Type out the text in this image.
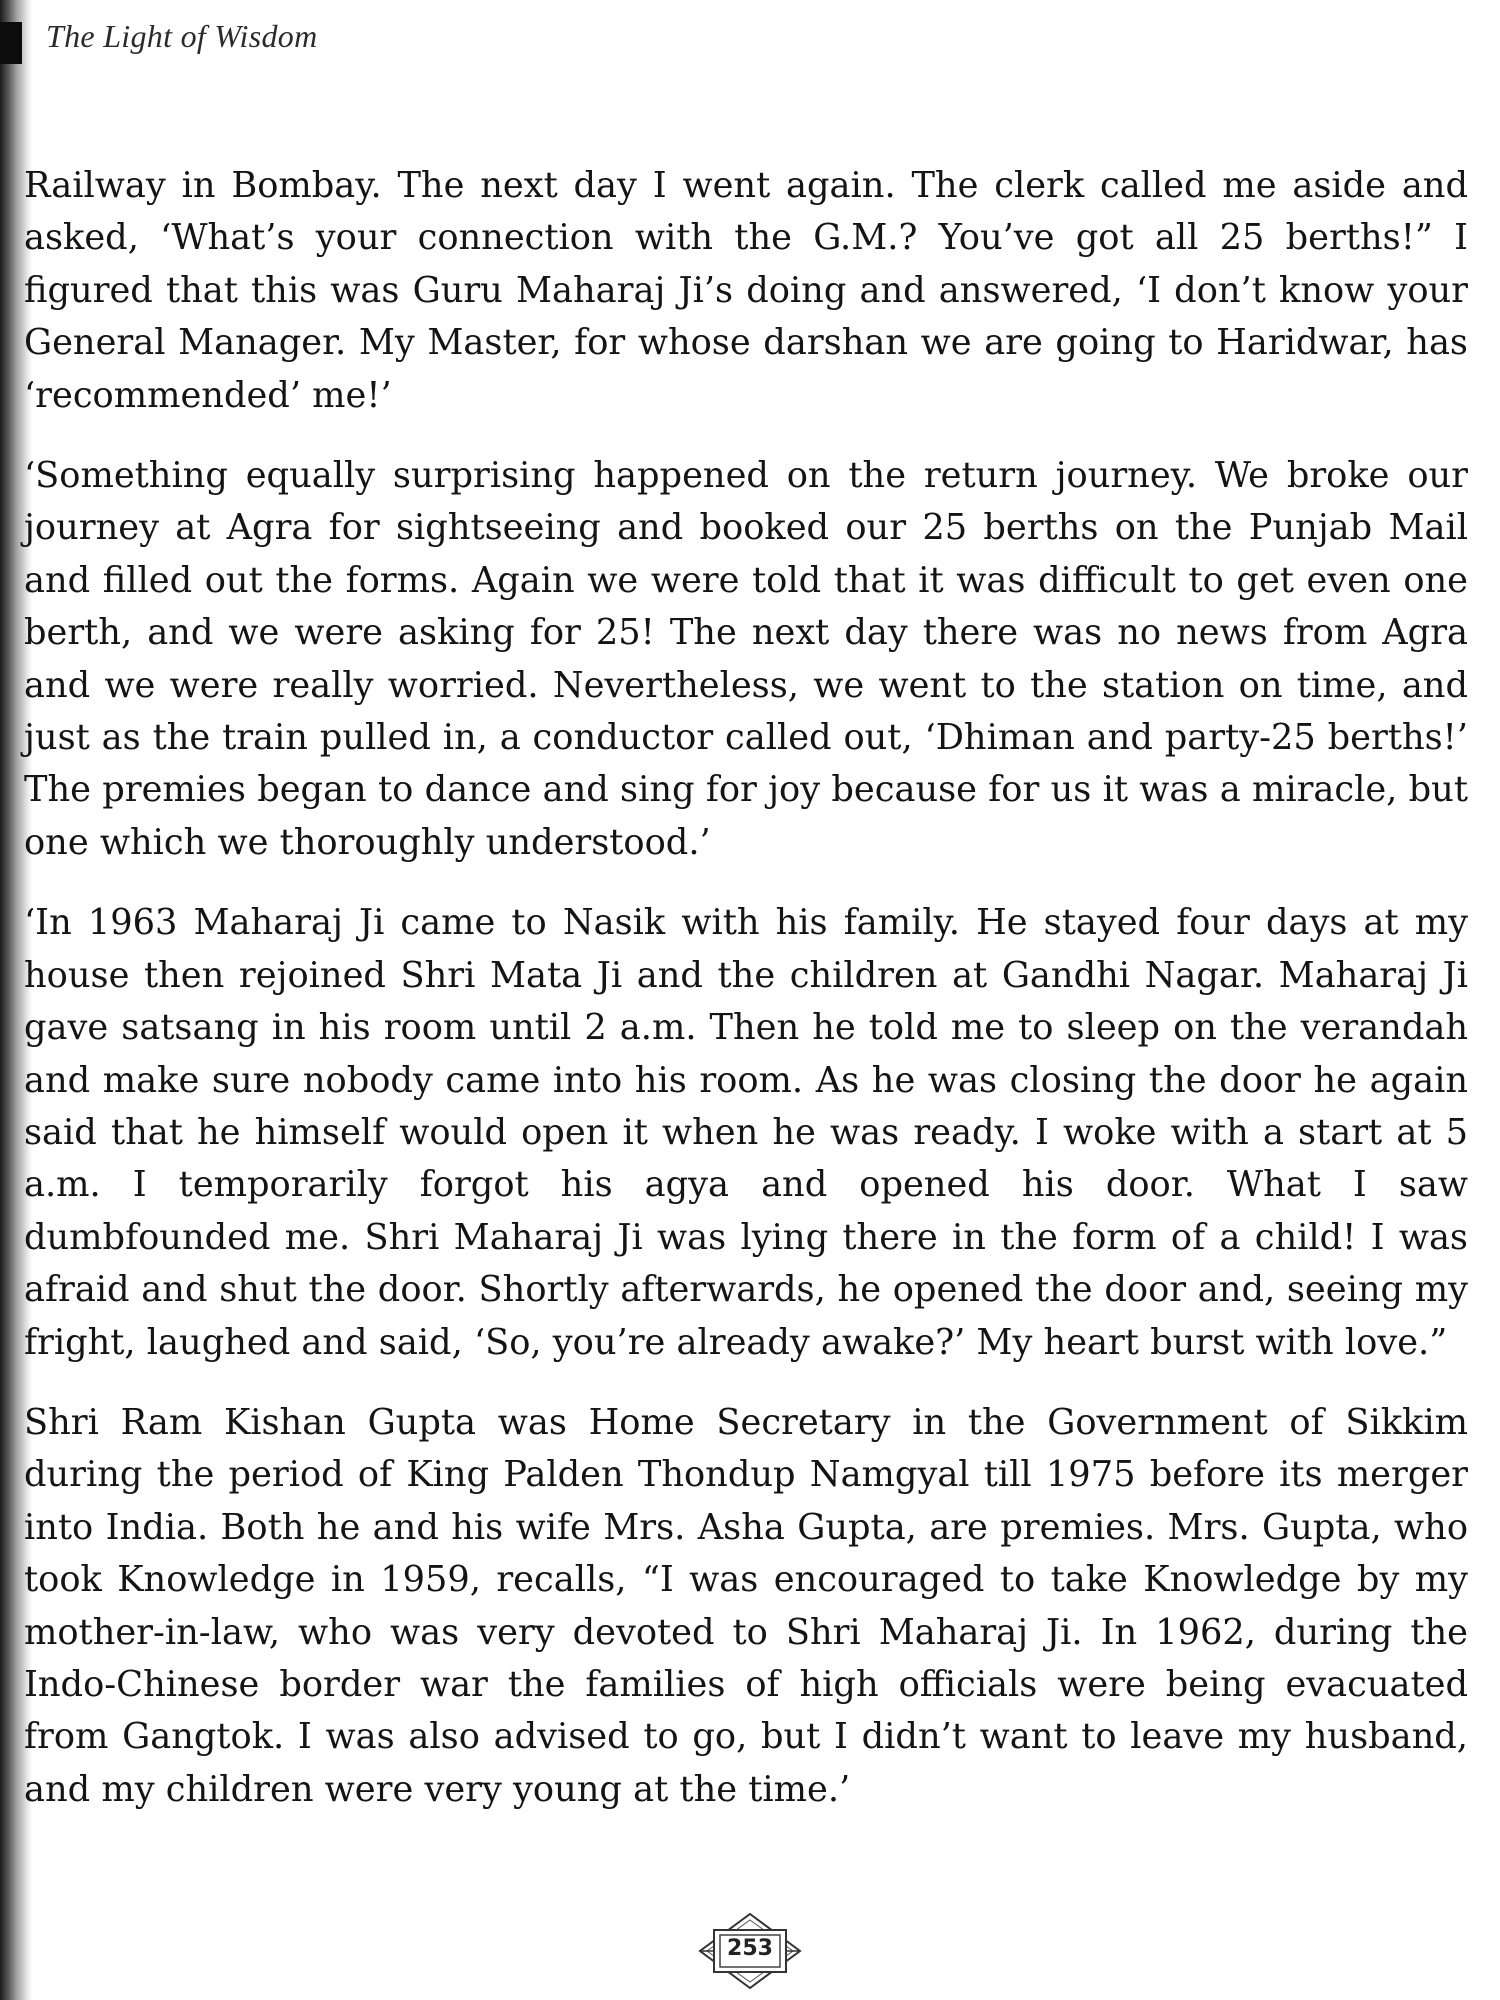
The Light of Wisdom

Railway in Bombay. The next day I went again. The clerk called me aside and asked, ‘What’s your connection with the G.M.? You’ve got all 25 berths!” I figured that this was Guru Maharaj Ji’s doing and answered, ‘I don’t know your General Manager. My Master, for whose darshan we are going to Haridwar, has ‘recommended’ me!’

‘Something equally surprising happened on the return journey. We broke our journey at Agra for sightseeing and booked our 25 berths on the Punjab Mail and filled out the forms. Again we were told that it was difficult to get even one berth, and we were asking for 25! The next day there was no news from Agra and we were really worried. Nevertheless, we went to the station on time, and just as the train pulled in, a conductor called out, ‘Dhiman and party-25 berths!’ The premies began to dance and sing for joy because for us it was a miracle, but one which we thoroughly understood.’

‘In 1963 Maharaj Ji came to Nasik with his family. He stayed four days at my house then rejoined Shri Mata Ji and the children at Gandhi Nagar. Maharaj Ji gave satsang in his room until 2 a.m. Then he told me to sleep on the verandah and make sure nobody came into his room. As he was closing the door he again said that he himself would open it when he was ready. I woke with a start at 5 a.m. I temporarily forgot his agya and opened his door. What I saw dumbfounded me. Shri Maharaj Ji was lying there in the form of a child! I was afraid and shut the door. Shortly afterwards, he opened the door and, seeing my fright, laughed and said, ‘So, you’re already awake?’ My heart burst with love.”

Shri Ram Kishan Gupta was Home Secretary in the Government of Sikkim during the period of King Palden Thondup Namgyal till 1975 before its merger into India. Both he and his wife Mrs. Asha Gupta, are premies. Mrs. Gupta, who took Knowledge in 1959, recalls, “I was encouraged to take Knowledge by my mother-in-law, who was very devoted to Shri Maharaj Ji. In 1962, during the Indo-Chinese border war the families of high officials were being evacuated from Gangtok. I was also advised to go, but I didn’t want to leave my husband, and my children were very young at the time.’

253
